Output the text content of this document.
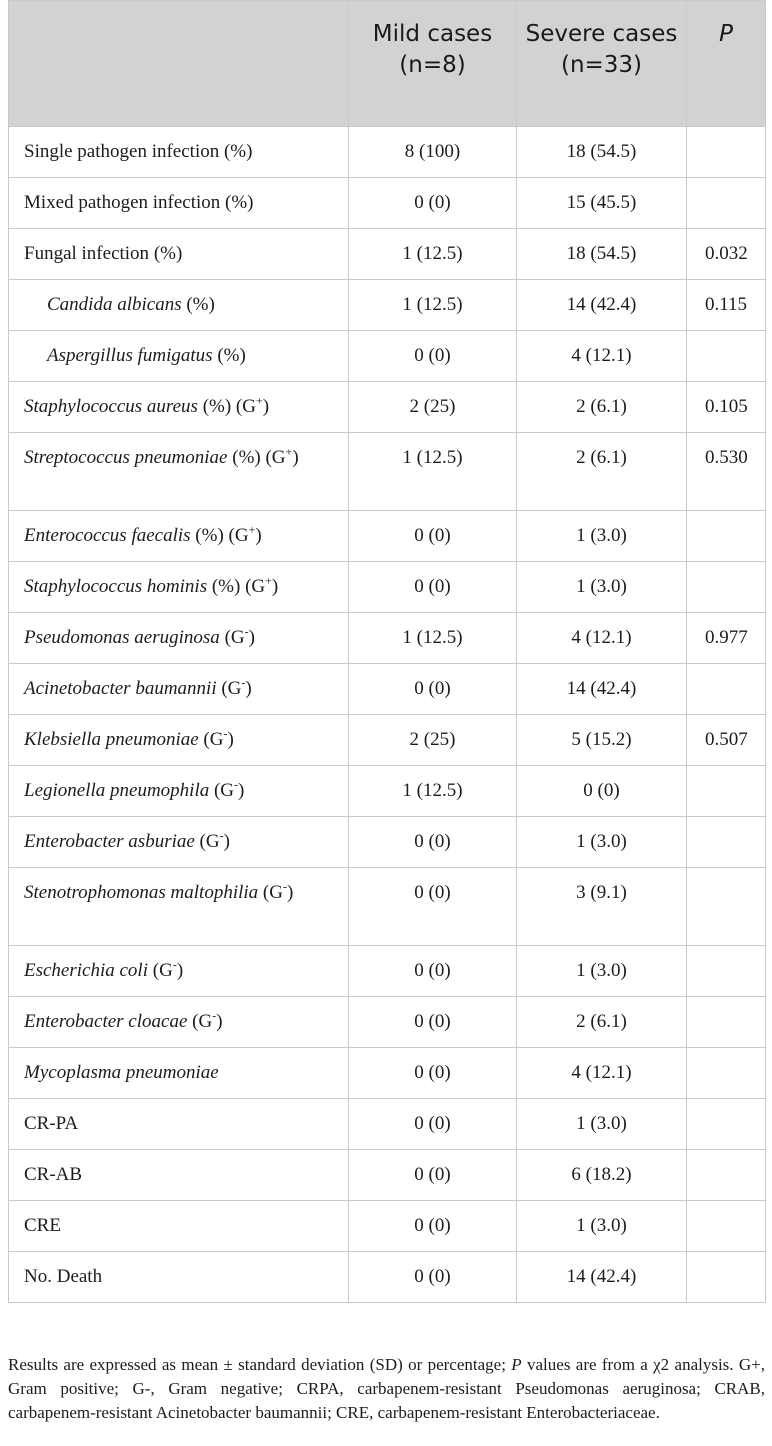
	Mild cases (n=8)	Severe cases (n=33)	P
Single pathogen infection (%)	8 (100)	18 (54.5)	
Mixed pathogen infection (%)	0 (0)	15 (45.5)	
Fungal infection (%)	1 (12.5)	18 (54.5)	0.032
Candida albicans (%)	1 (12.5)	14 (42.4)	0.115
Aspergillus fumigatus (%)	0 (0)	4 (12.1)	
Staphylococcus aureus (%) (G+)	2 (25)	2 (6.1)	0.105
Streptococcus pneumoniae (%) (G+)	1 (12.5)	2 (6.1)	0.530
Enterococcus faecalis (%) (G+)	0 (0)	1 (3.0)	
Staphylococcus hominis (%) (G+)	0 (0)	1 (3.0)	
Pseudomonas aeruginosa (G-)	1 (12.5)	4 (12.1)	0.977
Acinetobacter baumannii (G-)	0 (0)	14 (42.4)	
Klebsiella pneumoniae (G-)	2 (25)	5 (15.2)	0.507
Legionella pneumophila (G-)	1 (12.5)	0 (0)	
Enterobacter asburiae (G-)	0 (0)	1 (3.0)	
Stenotrophomonas maltophilia (G-)	0 (0)	3 (9.1)	
Escherichia coli (G-)	0 (0)	1 (3.0)	
Enterobacter cloacae (G-)	0 (0)	2 (6.1)	
Mycoplasma pneumoniae	0 (0)	4 (12.1)	
CR-PA	0 (0)	1 (3.0)	
CR-AB	0 (0)	6 (18.2)	
CRE	0 (0)	1 (3.0)	
No. Death	0 (0)	14 (42.4)	

Results are expressed as mean ± standard deviation (SD) or percentage; P values are from a χ2 analysis. G+, Gram positive; G-, Gram negative; CRPA, carbapenem-resistant Pseudomonas aeruginosa; CRAB, carbapenem-resistant Acinetobacter baumannii; CRE, carbapenem-resistant Enterobacteriaceae.
